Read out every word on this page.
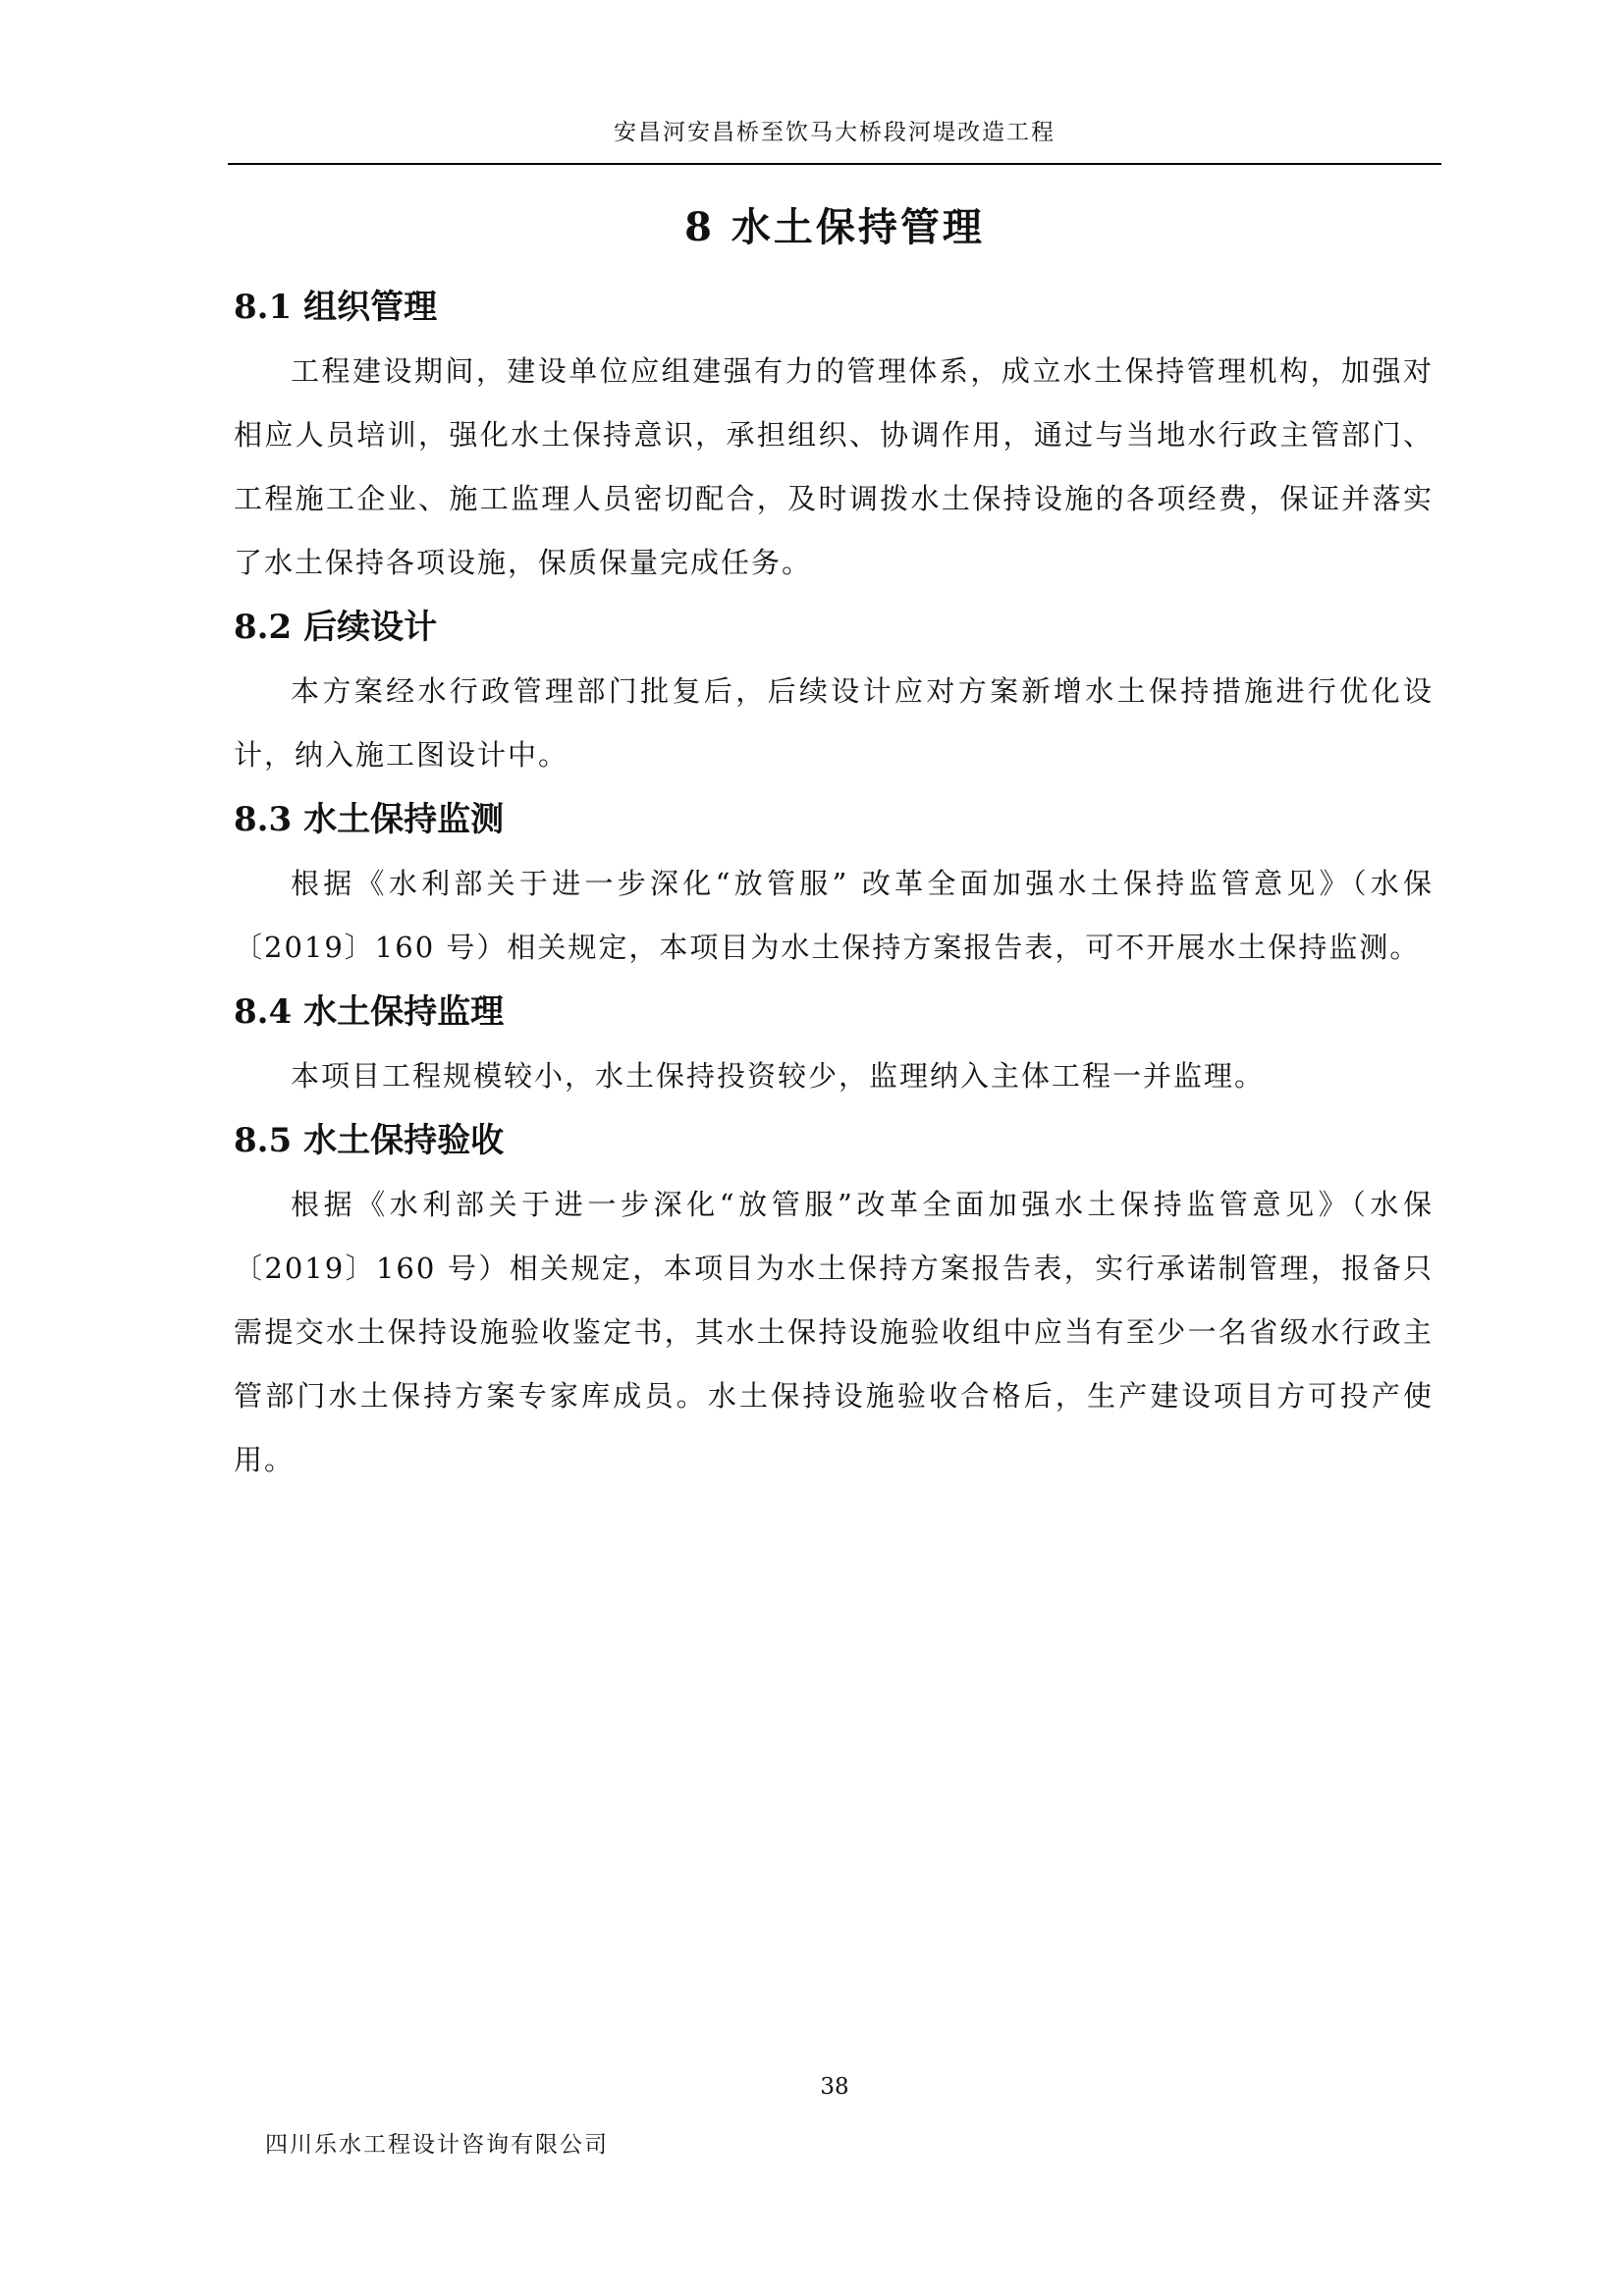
安昌河安昌桥至饮马大桥段河堤改造工程
8 水土保持管理
8.1 组织管理

工程建设期间，建设单位应组建强有力的管理体系，成立水土保持管理机构，加强对相应人员培训，强化水土保持意识，承担组织、协调作用，通过与当地水行政主管部门、工程施工企业、施工监理人员密切配合，及时调拨水土保持设施的各项经费，保证并落实了水土保持各项设施，保质保量完成任务。

8.2 后续设计

本方案经水行政管理部门批复后，后续设计应对方案新增水土保持措施进行优化设计，纳入施工图设计中。

8.3 水土保持监测

根据《水利部关于进一步深化“放管服” 改革全面加强水土保持监管意见》（水保〔2019〕160 号）相关规定，本项目为水土保持方案报告表，可不开展水土保持监测。

8.4 水土保持监理

本项目工程规模较小，水土保持投资较少，监理纳入主体工程一并监理。

8.5 水土保持验收

根据《水利部关于进一步深化“放管服”改革全面加强水土保持监管意见》（水保〔2019〕160 号）相关规定，本项目为水土保持方案报告表，实行承诺制管理，报备只需提交水土保持设施验收鉴定书，其水土保持设施验收组中应当有至少一名省级水行政主管部门水土保持方案专家库成员。水土保持设施验收合格后，生产建设项目方可投产使用。

38
四川乐水工程设计咨询有限公司
